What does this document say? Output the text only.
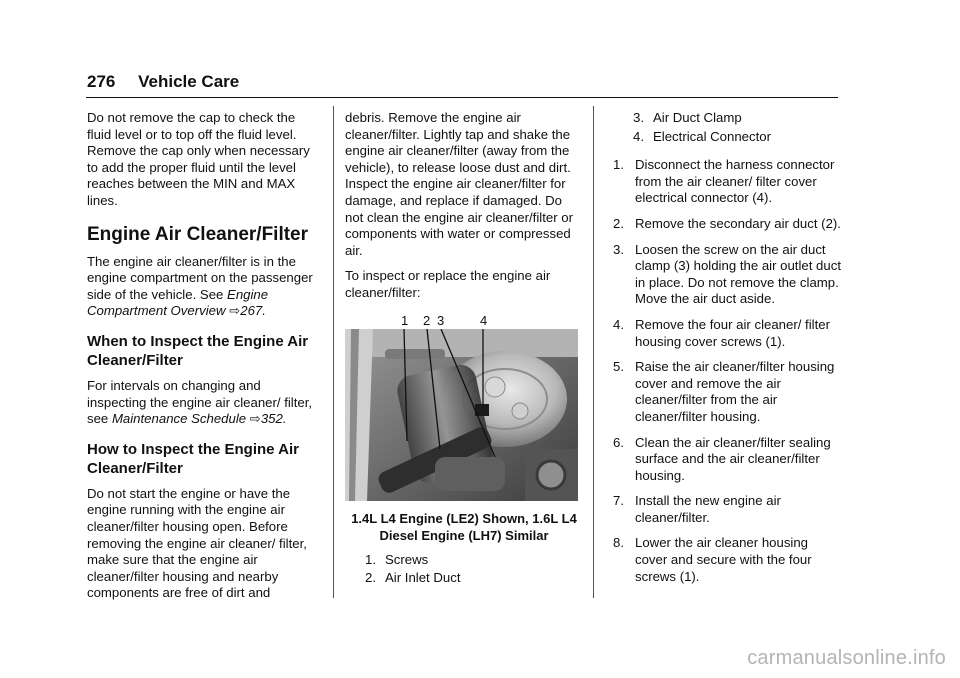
276 Vehicle Care

Do not remove the cap to check the fluid level or to top off the fluid level. Remove the cap only when necessary to add the proper fluid until the level reaches between the MIN and MAX lines.

Engine Air Cleaner/Filter

The engine air cleaner/filter is in the engine compartment on the passenger side of the vehicle. See Engine Compartment Overview ⇨267.

When to Inspect the Engine Air Cleaner/Filter

For intervals on changing and inspecting the engine air cleaner/ filter, see Maintenance Schedule ⇨352.

How to Inspect the Engine Air Cleaner/Filter

Do not start the engine or have the engine running with the engine air cleaner/filter housing open. Before removing the engine air cleaner/ filter, make sure that the engine air cleaner/filter housing and nearby components are free of dirt and

debris. Remove the engine air cleaner/filter. Lightly tap and shake the engine air cleaner/filter (away from the vehicle), to release loose dust and dirt. Inspect the engine air cleaner/filter for damage, and replace if damaged. Do not clean the engine air cleaner/filter or components with water or compressed air.

To inspect or replace the engine air cleaner/filter:

1 2 3	4
1.4L L4 Engine (LE2) Shown, 1.6L L4 Diesel Engine (LH7) Similar
1. Screws
2. Air Inlet Duct
3. Air Duct Clamp
4. Electrical Connector
1. Disconnect the harness connector from the air cleaner/ filter cover electrical connector (4).
2. Remove the secondary air duct (2).
3. Loosen the screw on the air duct clamp (3) holding the air outlet duct in place. Do not remove the clamp. Move the air duct aside.
4. Remove the four air cleaner/ filter housing cover screws (1).
5. Raise the air cleaner/filter housing cover and remove the air cleaner/filter from the air cleaner/filter housing.
6. Clean the air cleaner/filter sealing surface and the air cleaner/filter housing.
7. Install the new engine air cleaner/filter.
8. Lower the air cleaner housing cover and secure with the four screws (1).
carmanualsonline.info
